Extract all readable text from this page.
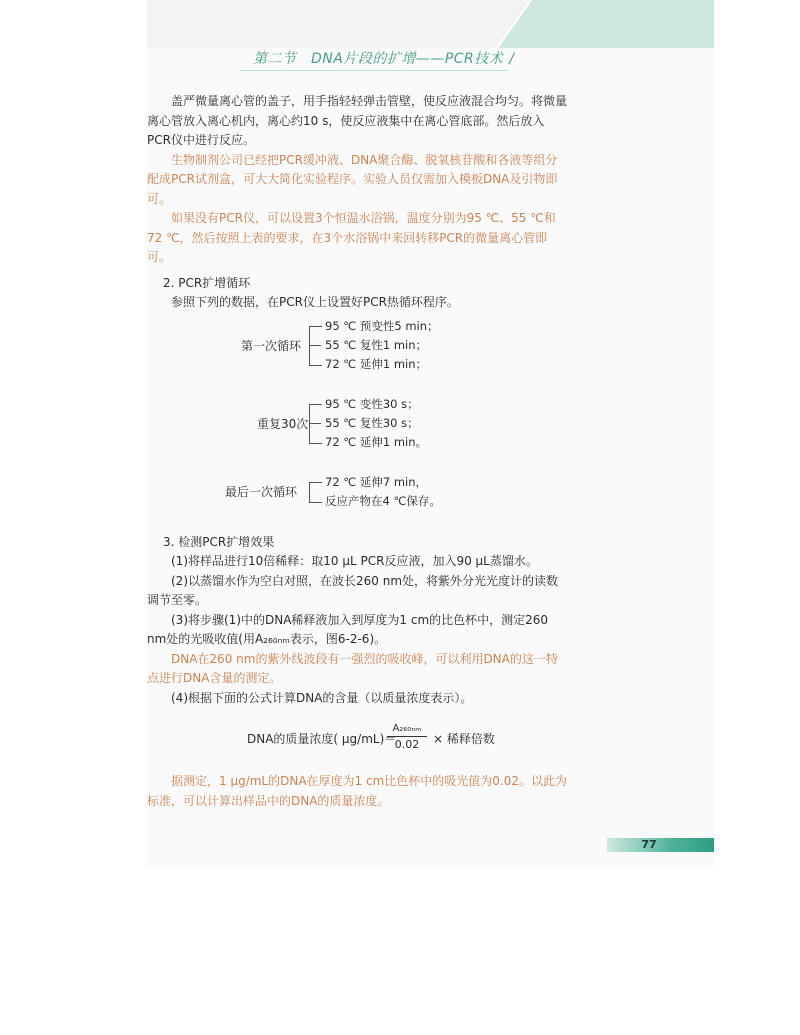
第二节　DNA片段的扩增——PCR技术 /

盖严微量离心管的盖子，用手指轻轻弹击管壁，使反应液混合均匀。将微量离心管放入离心机内，离心约10 s，使反应液集中在离心管底部。然后放入PCR仪中进行反应。

生物制剂公司已经把PCR缓冲液、DNA聚合酶、脱氧核苷酸和各液等组分配成PCR试剂盒，可大大简化实验程序。实验人员仅需加入模板DNA及引物即可。

如果没有PCR仪，可以设置3个恒温水浴锅，温度分别为95 ℃、55 ℃和72 ℃，然后按照上表的要求，在3个水浴锅中来回转移PCR的微量离心管即可。

2. PCR扩增循环

参照下列的数据，在PCR仪上设置好PCR热循环程序。

第一次循环
95 ℃ 预变性5 min；
55 ℃ 复性1 min；
72 ℃ 延伸1 min；
重复30次
95 ℃ 变性30 s；
55 ℃ 复性30 s；
72 ℃ 延伸1 min。
最后一次循环
72 ℃ 延伸7 min，
反应产物在4 ℃保存。

3. 检测PCR扩增效果

(1)将样品进行10倍稀释：取10 μL PCR反应液，加入90 μL蒸馏水。

(2)以蒸馏水作为空白对照，在波长260 nm处，将紫外分光光度计的读数调节至零。

(3)将步骤(1)中的DNA稀释液加入到厚度为1 cm的比色杯中，测定260 nm处的光吸收值(用A₂₆₀ₙₘ表示，图6-2-6)。

DNA在260 nm的紫外线波段有一强烈的吸收峰，可以利用DNA的这一特点进行DNA含量的测定。

(4)根据下面的公式计算DNA的含量（以质量浓度表示）。

DNA的质量浓度( μg/mL)＝
$\frac{\text{A₂₆₀ₙₘ}}{0.02}$ × 稀释倍数

据测定，1 μg/mL的DNA在厚度为1 cm比色杯中的吸光值为0.02。以此为标准，可以计算出样品中的DNA的质量浓度。

77
